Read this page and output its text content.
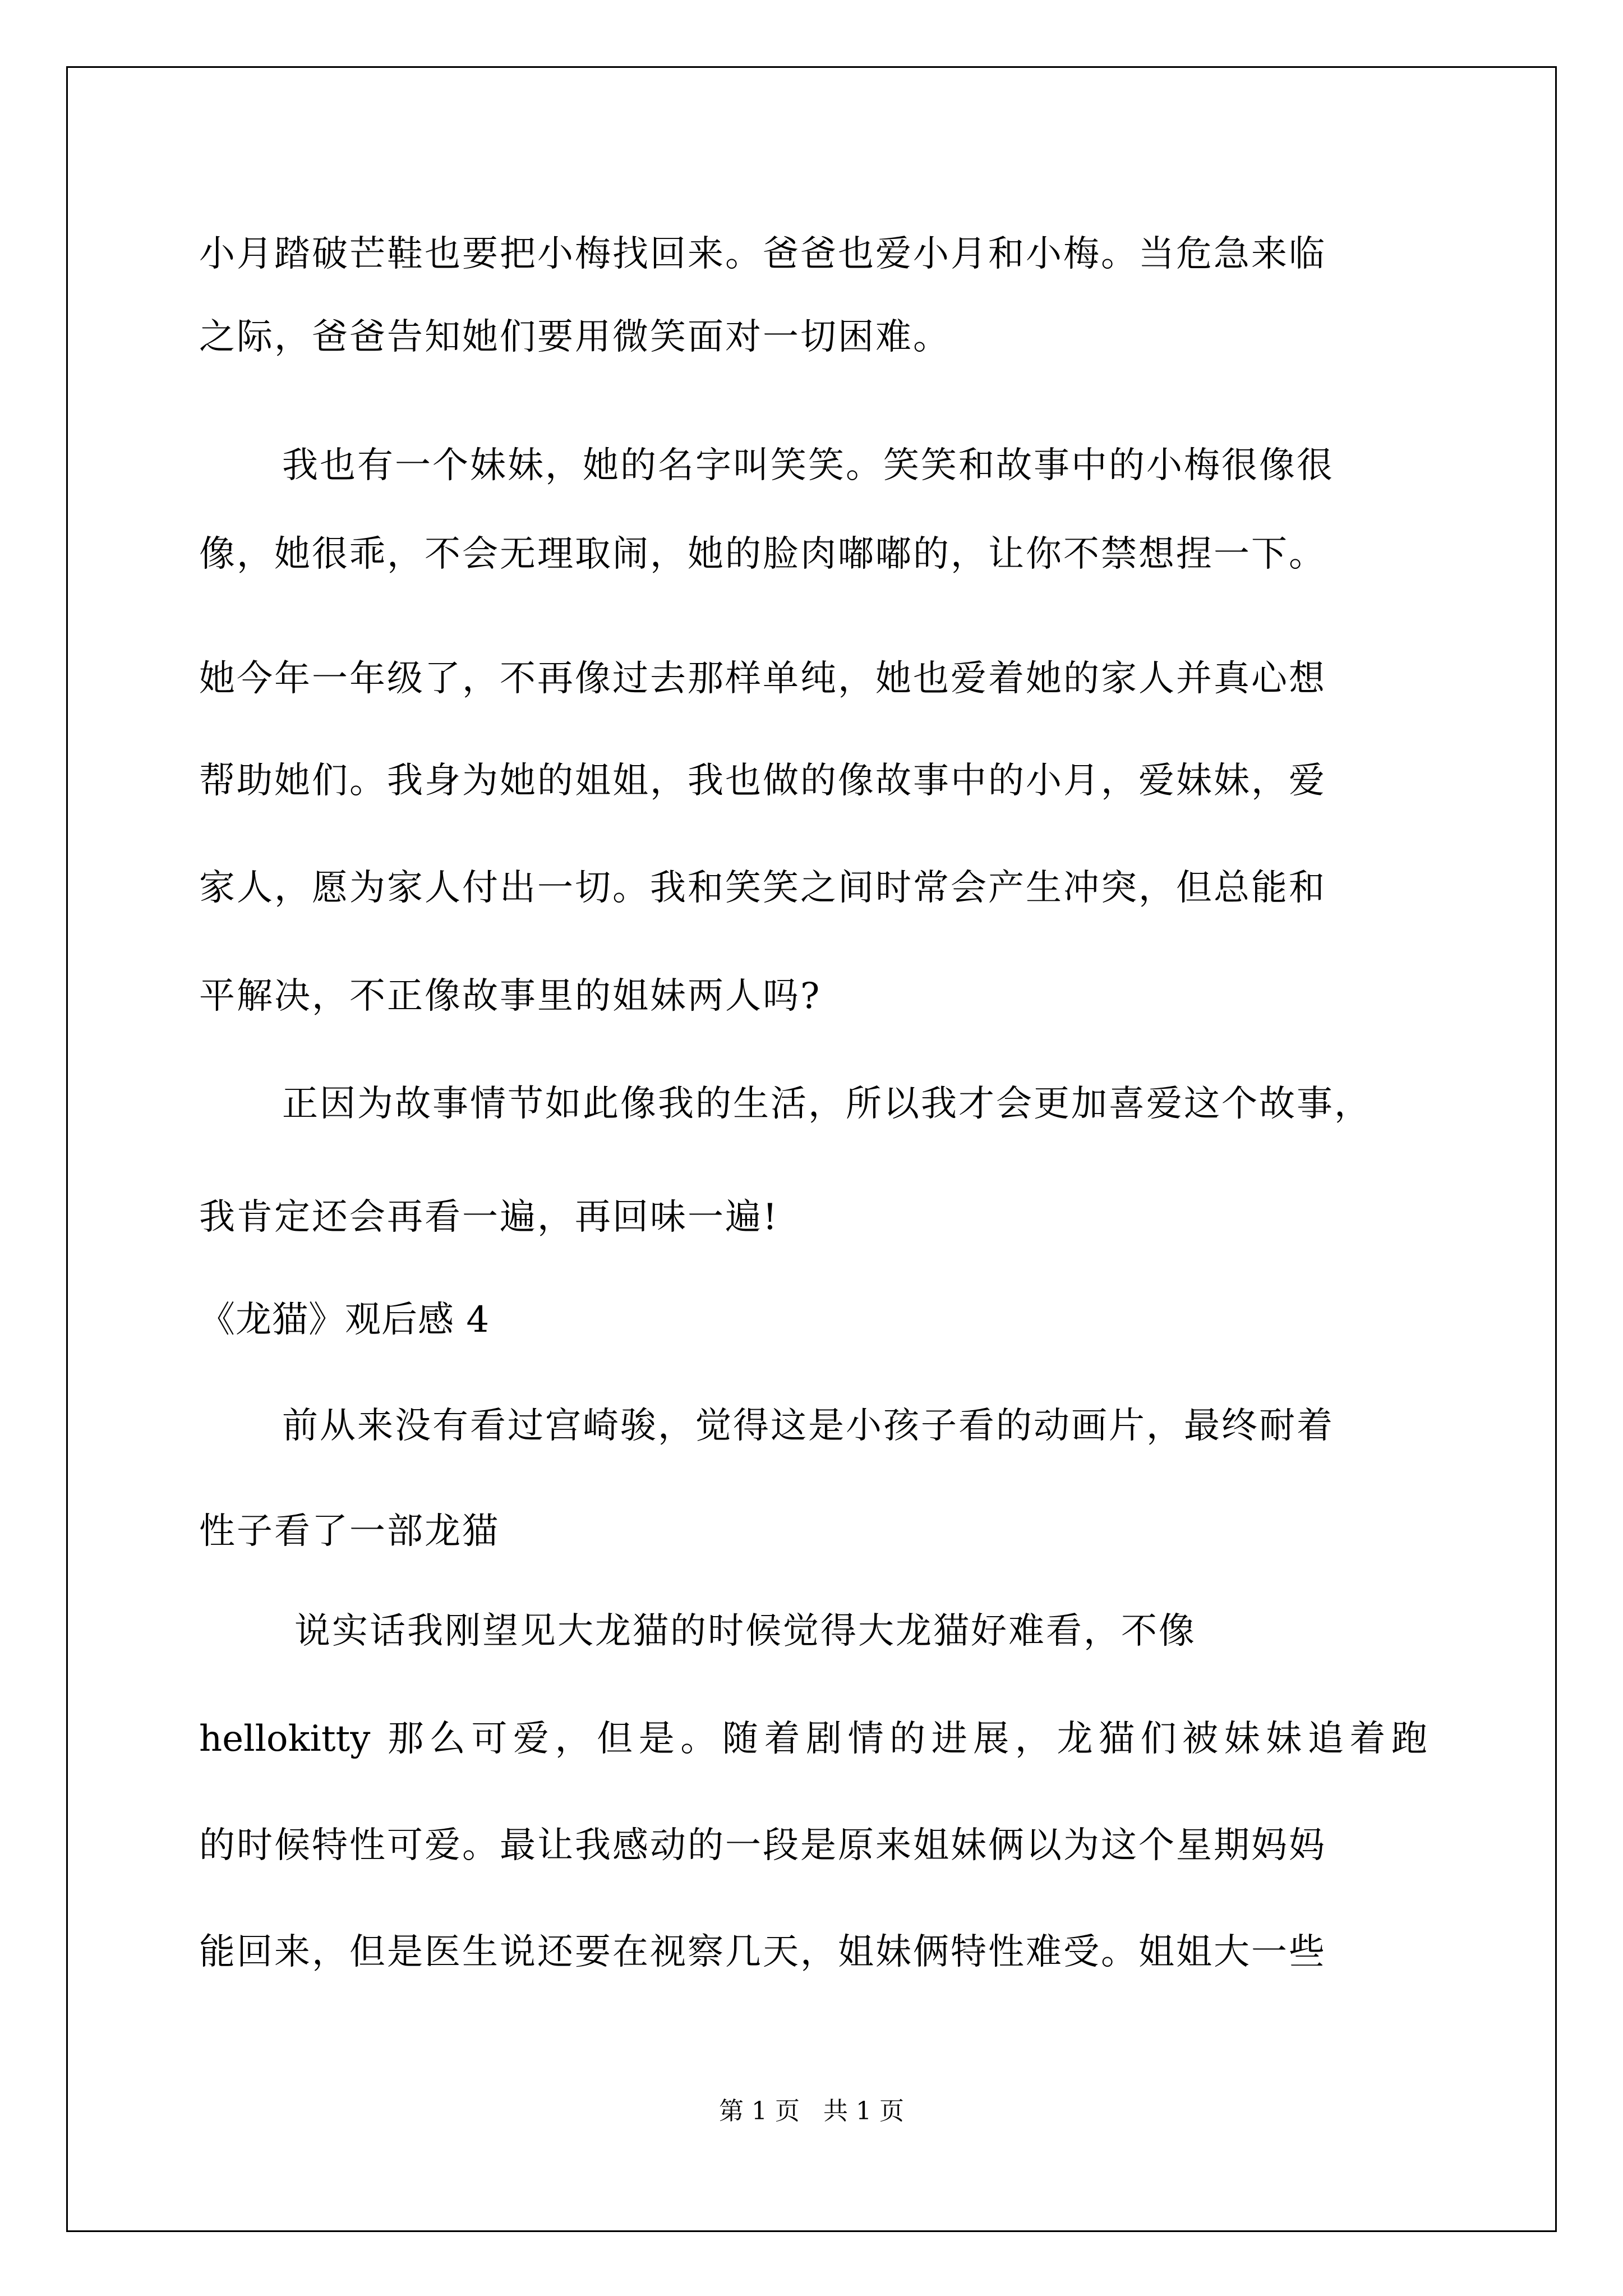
小月踏破芒鞋也要把小梅找回来。爸爸也爱小月和小梅。当危急来临
之际，爸爸告知她们要用微笑面对一切困难。
我也有一个妹妹，她的名字叫笑笑。笑笑和故事中的小梅很像很
像，她很乖，不会无理取闹，她的脸肉嘟嘟的，让你不禁想捏一下。
她今年一年级了，不再像过去那样单纯，她也爱着她的家人并真心想
帮助她们。我身为她的姐姐，我也做的像故事中的小月，爱妹妹，爱
家人，愿为家人付出一切。我和笑笑之间时常会产生冲突，但总能和
平解决，不正像故事里的姐妹两人吗?
正因为故事情节如此像我的生活，所以我才会更加喜爱这个故事，
我肯定还会再看一遍，再回味一遍!
《龙猫》观后感 4
前从来没有看过宫崎骏，觉得这是小孩子看的动画片，最终耐着
性子看了一部龙猫
说实话我刚望见大龙猫的时候觉得大龙猫好难看，不像
hellokitty 那么可爱，但是。随着剧情的进展，龙猫们被妹妹追着跑
的时候特性可爱。最让我感动的一段是原来姐妹俩以为这个星期妈妈
能回来，但是医生说还要在视察几天，姐妹俩特性难受。姐姐大一些
第 1 页   共 1 页
